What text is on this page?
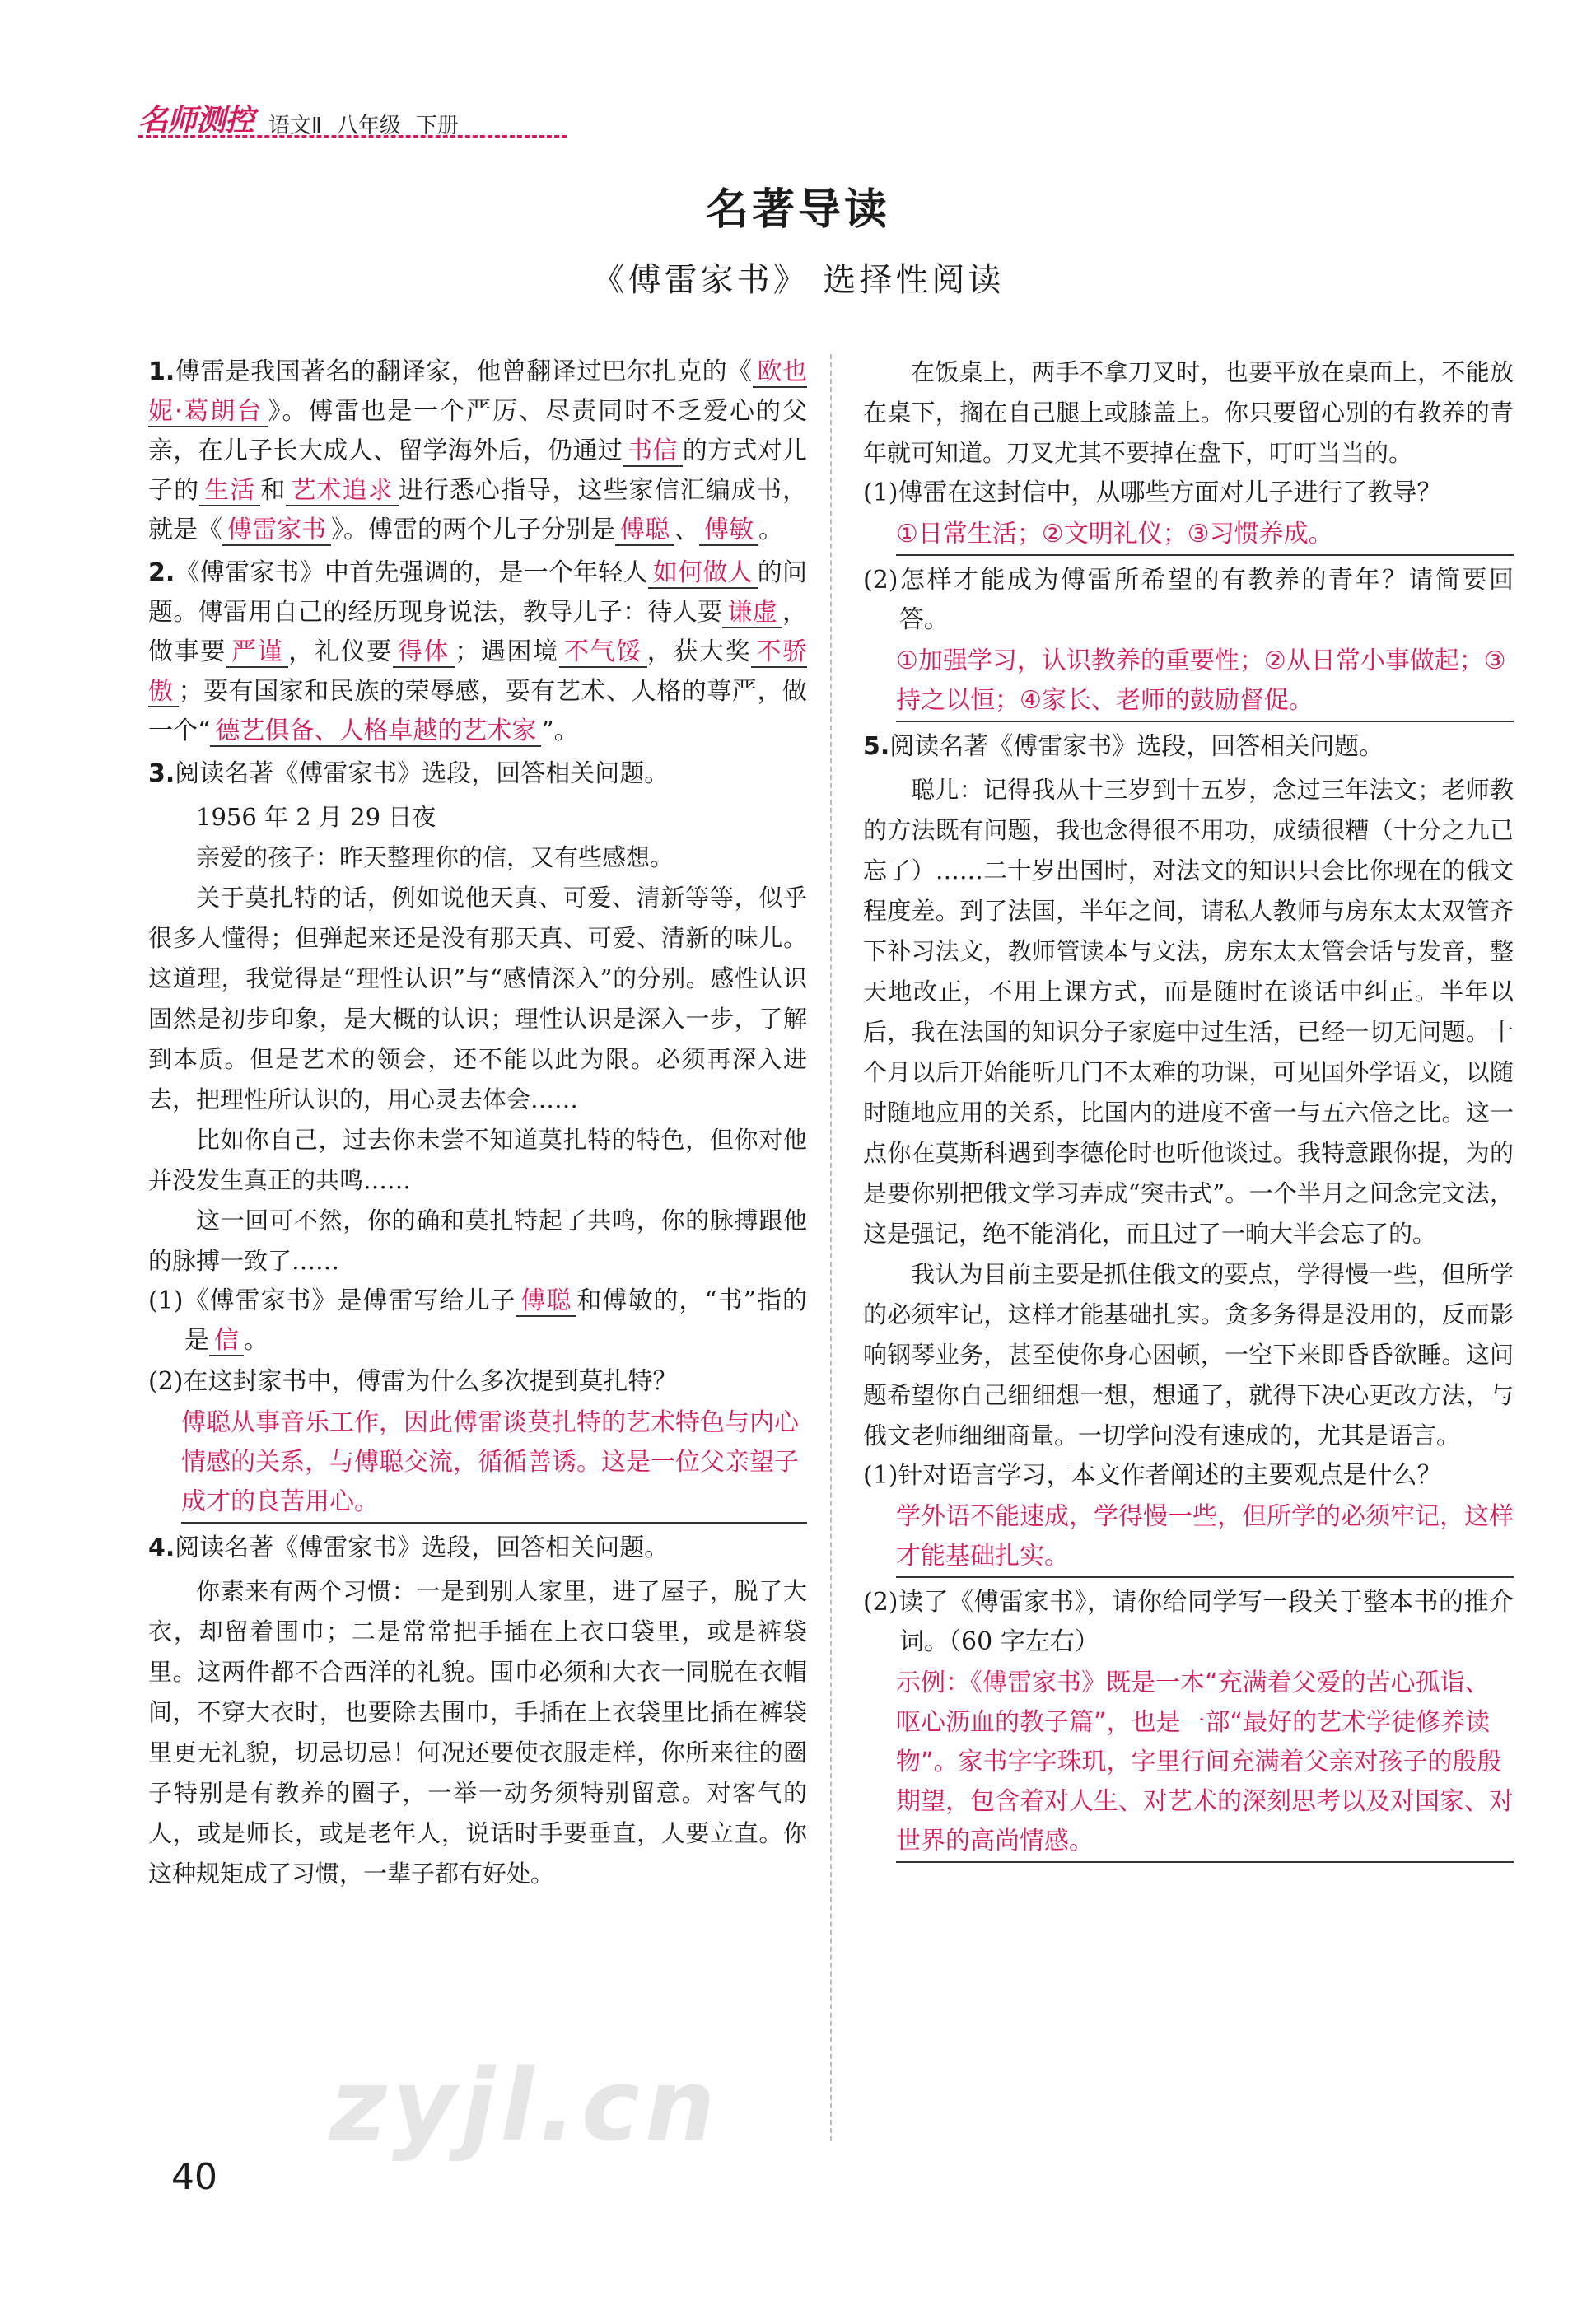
名师测控 语文Ⅱ 八年级 下册
名著导读
《傅雷家书》 选择性阅读

1.傅雷是我国著名的翻译家，他曾翻译过巴尔扎克的《 欧也妮·葛朗台 》。傅雷也是一个严厉、尽责同时不乏爱心的父亲，在儿子长大成人、留学海外后，仍通过 书信 的方式对儿子的 生活 和 艺术追求 进行悉心指导，这些家信汇编成书，就是《 傅雷家书 》。傅雷的两个儿子分别是 傅聪 、 傅敏 。

2.《傅雷家书》中首先强调的，是一个年轻人 如何做人 的问题。傅雷用自己的经历现身说法，教导儿子：待人要 谦虚 ，做事要 严谨 ，礼仪要 得体 ；遇困境 不气馁 ，获大奖 不骄傲 ；要有国家和民族的荣辱感，要有艺术、人格的尊严，做一个“ 德艺俱备、人格卓越的艺术家 ”。

3.阅读名著《傅雷家书》选段，回答相关问题。

1956 年 2 月 29 日夜

亲爱的孩子：昨天整理你的信，又有些感想。

关于莫扎特的话，例如说他天真、可爱、清新等等，似乎很多人懂得；但弹起来还是没有那天真、可爱、清新的味儿。这道理，我觉得是“理性认识”与“感情深入”的分别。感性认识固然是初步印象，是大概的认识；理性认识是深入一步，了解到本质。但是艺术的领会，还不能以此为限。必须再深入进去，把理性所认识的，用心灵去体会……

比如你自己，过去你未尝不知道莫扎特的特色，但你对他并没发生真正的共鸣……

这一回可不然，你的确和莫扎特起了共鸣，你的脉搏跟他的脉搏一致了……

(1)《傅雷家书》是傅雷写给儿子 傅聪 和傅敏的，“书”指的是 信 。

(2)在这封家书中，傅雷为什么多次提到莫扎特？

傅聪从事音乐工作，因此傅雷谈莫扎特的艺术特色与内心情感的关系，与傅聪交流，循循善诱。这是一位父亲望子成才的良苦用心。

4.阅读名著《傅雷家书》选段，回答相关问题。

你素来有两个习惯：一是到别人家里，进了屋子，脱了大衣，却留着围巾；二是常常把手插在上衣口袋里，或是裤袋里。这两件都不合西洋的礼貌。围巾必须和大衣一同脱在衣帽间，不穿大衣时，也要除去围巾，手插在上衣袋里比插在裤袋里更无礼貌，切忌切忌！何况还要使衣服走样，你所来往的圈子特别是有教养的圈子，一举一动务须特别留意。对客气的人，或是师长，或是老年人，说话时手要垂直，人要立直。你这种规矩成了习惯，一辈子都有好处。

在饭桌上，两手不拿刀叉时，也要平放在桌面上，不能放在桌下，搁在自己腿上或膝盖上。你只要留心别的有教养的青年就可知道。刀叉尤其不要掉在盘下，叮叮当当的。

(1)傅雷在这封信中，从哪些方面对儿子进行了教导？

①日常生活；②文明礼仪；③习惯养成。

(2)怎样才能成为傅雷所希望的有教养的青年？请简要回答。

①加强学习，认识教养的重要性；②从日常小事做起；③持之以恒；④家长、老师的鼓励督促。

5.阅读名著《傅雷家书》选段，回答相关问题。

聪儿：记得我从十三岁到十五岁，念过三年法文；老师教的方法既有问题，我也念得很不用功，成绩很糟（十分之九已忘了）……二十岁出国时，对法文的知识只会比你现在的俄文程度差。到了法国，半年之间，请私人教师与房东太太双管齐下补习法文，教师管读本与文法，房东太太管会话与发音，整天地改正，不用上课方式，而是随时在谈话中纠正。半年以后，我在法国的知识分子家庭中过生活，已经一切无问题。十个月以后开始能听几门不太难的功课，可见国外学语文，以随时随地应用的关系，比国内的进度不啻一与五六倍之比。这一点你在莫斯科遇到李德伦时也听他谈过。我特意跟你提，为的是要你别把俄文学习弄成“突击式”。一个半月之间念完文法，这是强记，绝不能消化，而且过了一晌大半会忘了的。

我认为目前主要是抓住俄文的要点，学得慢一些，但所学的必须牢记，这样才能基础扎实。贪多务得是没用的，反而影响钢琴业务，甚至使你身心困顿，一空下来即昏昏欲睡。这问题希望你自己细细想一想，想通了，就得下决心更改方法，与俄文老师细细商量。一切学问没有速成的，尤其是语言。

(1)针对语言学习，本文作者阐述的主要观点是什么？

学外语不能速成，学得慢一些，但所学的必须牢记，这样才能基础扎实。

(2)读了《傅雷家书》，请你给同学写一段关于整本书的推介词。（60 字左右）

示例：《傅雷家书》既是一本“充满着父爱的苦心孤诣、呕心沥血的教子篇”，也是一部“最好的艺术学徒修养读物”。家书字字珠玑，字里行间充满着父亲对孩子的殷殷期望，包含着对人生、对艺术的深刻思考以及对国家、对世界的高尚情感。
zyjl.cn
40
